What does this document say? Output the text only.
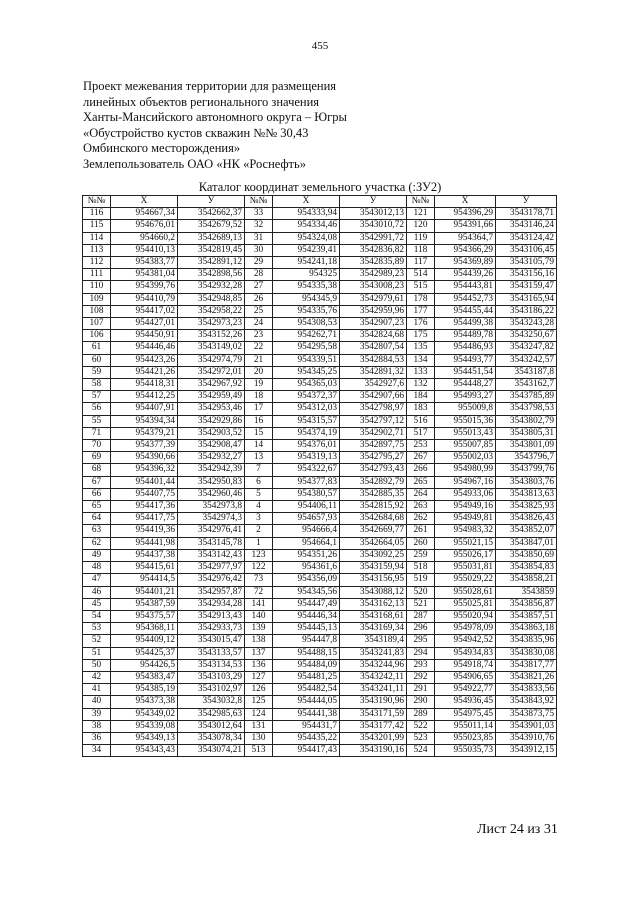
455
Проект межевания территории для размещения
линейных объектов регионального значения
Ханты-Мансийского автономного округа – Югры
«Обустройство кустов скважин №№ 30,43
Омбинского месторождения»
Землепользователь ОАО «НК «Роснефть»
Каталог координат земельного участка (:ЗУ2)
№№	X	У	№№	X	У	№№	X	У
116	954667,34	3542662,37	33	954333,94	3543012,13	121	954396,29	3543178,71
115	954676,01	3542679,52	32	954334,46	3543010,72	120	954391,66	3543146,24
114	954660,2	3542689,13	31	954324,08	3542991,72	119	954364,7	3543124,42
113	954410,13	3542819,45	30	954239,41	3542836,82	118	954366,29	3543106,45
112	954383,77	3542891,12	29	954241,18	3542835,89	117	954369,89	3543105,79
111	954381,04	3542898,56	28	954325	3542989,23	514	954439,26	3543156,16
110	954399,76	3542932,28	27	954335,38	3543008,23	515	954443,81	3543159,47
109	954410,79	3542948,85	26	954345,9	3542979,61	178	954452,73	3543165,94
108	954417,02	3542958,22	25	954335,76	3542959,96	177	954455,44	3543186,22
107	954427,01	3542973,23	24	954308,53	3542907,23	176	954499,38	3543243,28
106	954450,91	3543152,26	23	954262,71	3542824,68	175	954489,78	3543250,67
61	954446,46	3543149,02	22	954295,58	3542807,54	135	954486,93	3543247,82
60	954423,26	3542974,79	21	954339,51	3542884,53	134	954493,77	3543242,57
59	954421,26	3542972,01	20	954345,25	3542891,32	133	954451,54	3543187,8
58	954418,31	3542967,92	19	954365,03	3542927,6	132	954448,27	3543162,7
57	954412,25	3542959,49	18	954372,37	3542907,66	184	954993,27	3543785,89
56	954407,91	3542953,46	17	954312,03	3542798,97	183	955009,8	3543798,53
55	954394,34	3542929,86	16	954315,57	3542797,12	516	955015,36	3543802,79
71	954379,21	3542903,52	15	954374,19	3542902,71	517	955013,43	3543805,31
70	954377,39	3542908,47	14	954376,01	3542897,75	253	955007,85	3543801,09
69	954390,66	3542932,27	13	954319,13	3542795,27	267	955002,03	3543796,7
68	954396,32	3542942,39	7	954322,67	3542793,43	266	954980,99	3543799,76
67	954401,44	3542950,83	6	954377,83	3542892,79	265	954967,16	3543803,76
66	954407,75	3542960,46	5	954380,57	3542885,35	264	954933,06	3543813,63
65	954417,36	3542973,8	4	954406,11	3542815,92	263	954949,16	3543825,93
64	954417,75	3542974,3	3	954657,93	3542684,68	262	954949,81	3543826,43
63	954419,36	3542976,41	2	954666,4	3542669,77	261	954983,32	3543852,07
62	954441,98	3543145,78	1	954664,1	3542664,05	260	955021,15	3543847,01
49	954437,38	3543142,43	123	954351,26	3543092,25	259	955026,17	3543850,69
48	954415,61	3542977,97	122	954361,6	3543159,94	518	955031,81	3543854,83
47	954414,5	3542976,42	73	954356,09	3543156,95	519	955029,22	3543858,21
46	954401,21	3542957,87	72	954345,56	3543088,12	520	955028,61	3543859
45	954387,59	3542934,28	141	954447,49	3543162,13	521	955025,81	3543856,87
54	954375,57	3542913,43	140	954446,34	3543168,61	287	955020,94	3543857,51
53	954368,11	3542933,73	139	954445,13	3543169,34	296	954978,09	3543863,18
52	954409,12	3543015,47	138	954447,8	3543189,4	295	954942,52	3543835,96
51	954425,37	3543133,57	137	954488,15	3543241,83	294	954934,83	3543830,08
50	954426,5	3543134,53	136	954484,09	3543244,96	293	954918,74	3543817,77
42	954383,47	3543103,29	127	954481,25	3543242,11	292	954906,65	3543821,26
41	954385,19	3543102,97	126	954482,54	3543241,11	291	954922,77	3543833,56
40	954373,38	3543032,8	125	954444,05	3543190,96	290	954936,45	3543843,92
39	954349,02	3542985,63	124	954441,38	3543171,59	289	954975,45	3543873,75
38	954339,08	3543012,64	131	954431,7	3543177,42	522	955011,14	3543901,03
36	954349,13	3543078,34	130	954435,22	3543201,99	523	955023,85	3543910,76
34	954343,43	3543074,21	513	954417,43	3543190,16	524	955035,73	3543912,15
Лист 24 из 31
